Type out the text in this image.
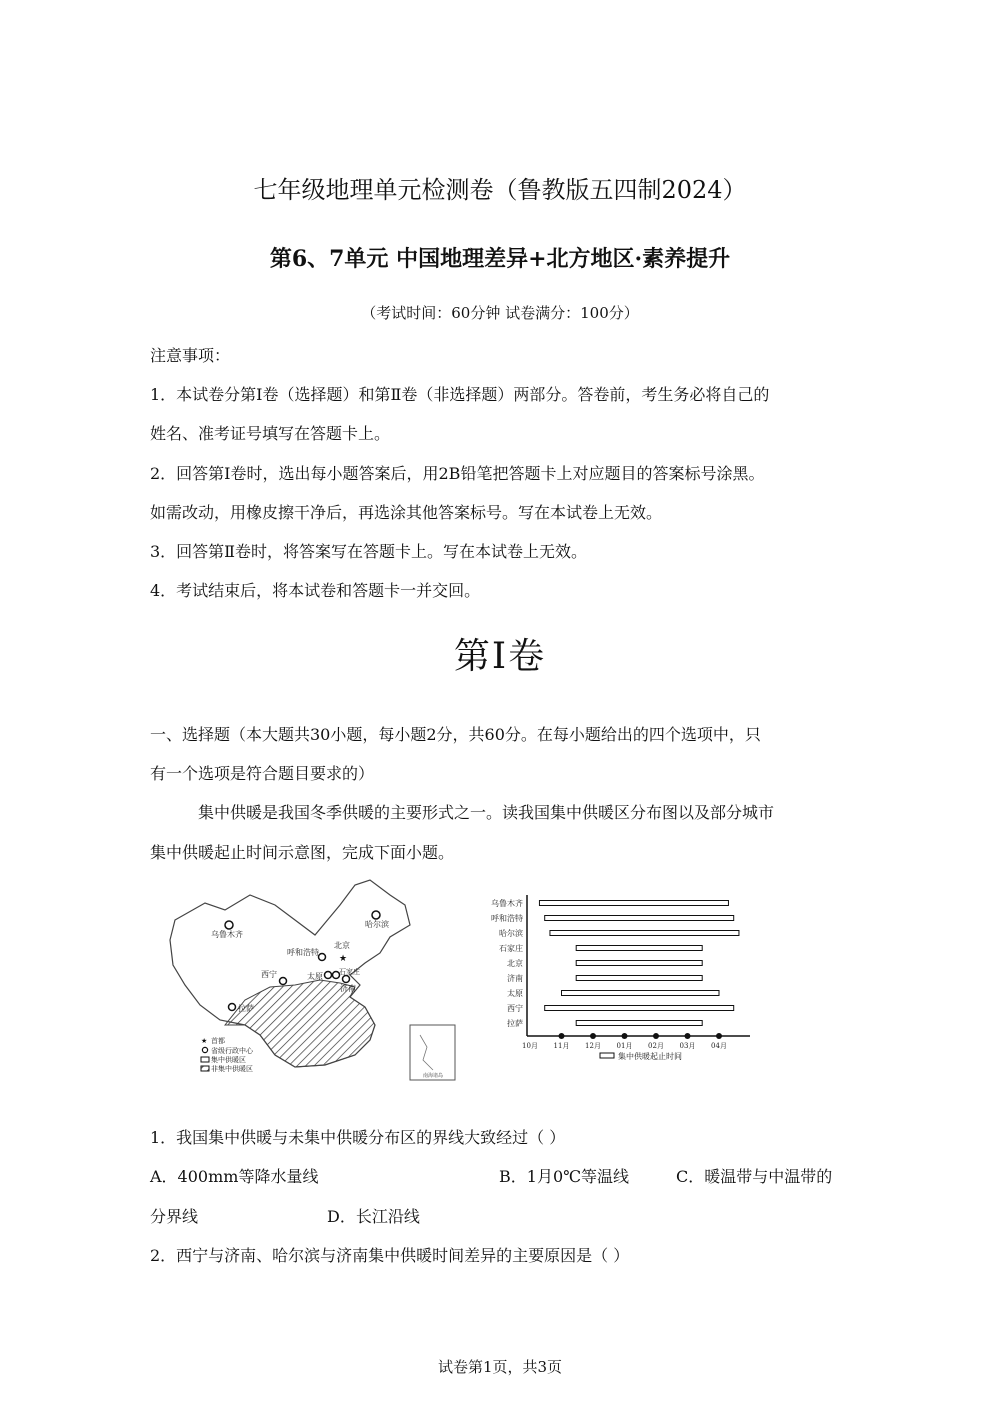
七年级地理单元检测卷（鲁教版五四制2024）
第6、7单元 中国地理差异+北方地区·素养提升
（考试时间：60分钟 试卷满分：100分）
注意事项：
1．本试卷分第Ⅰ卷（选择题）和第Ⅱ卷（非选择题）两部分。答卷前，考生务必将自己的
姓名、准考证号填写在答题卡上。
2．回答第Ⅰ卷时，选出每小题答案后，用2B铅笔把答题卡上对应题目的答案标号涂黑。
如需改动，用橡皮擦干净后，再选涂其他答案标号。写在本试卷上无效。
3．回答第Ⅱ卷时，将答案写在答题卡上。写在本试卷上无效。
4．考试结束后，将本试卷和答题卡一并交回。
第Ⅰ卷
一、选择题（本大题共30小题，每小题2分，共60分。在每小题给出的四个选项中，只
有一个选项是符合题目要求的）
集中供暖是我国冬季供暖的主要形式之一。读我国集中供暖区分布图以及部分城市
集中供暖起止时间示意图，完成下面小题。
南海诸岛
乌鲁木齐
哈尔滨
呼和浩特
北京
★
石家庄
太原
济南
西宁
拉萨
★ 首都
省级行政中心
集中供暖区
非集中供暖区
乌鲁木齐
呼和浩特
哈尔滨
石家庄
北京
济南
太原
西宁
拉萨
10月 11月 12月 01月 02月 03月 04月
集中供暖起止时间
1．我国集中供暖与未集中供暖分布区的界线大致经过（ ）
A．400mm等降水量线	B．1月0℃等温线	C．暖温带与中温带的
分界线	D．长江沿线
2．西宁与济南、哈尔滨与济南集中供暖时间差异的主要原因是（ ）
试卷第1页，共3页
